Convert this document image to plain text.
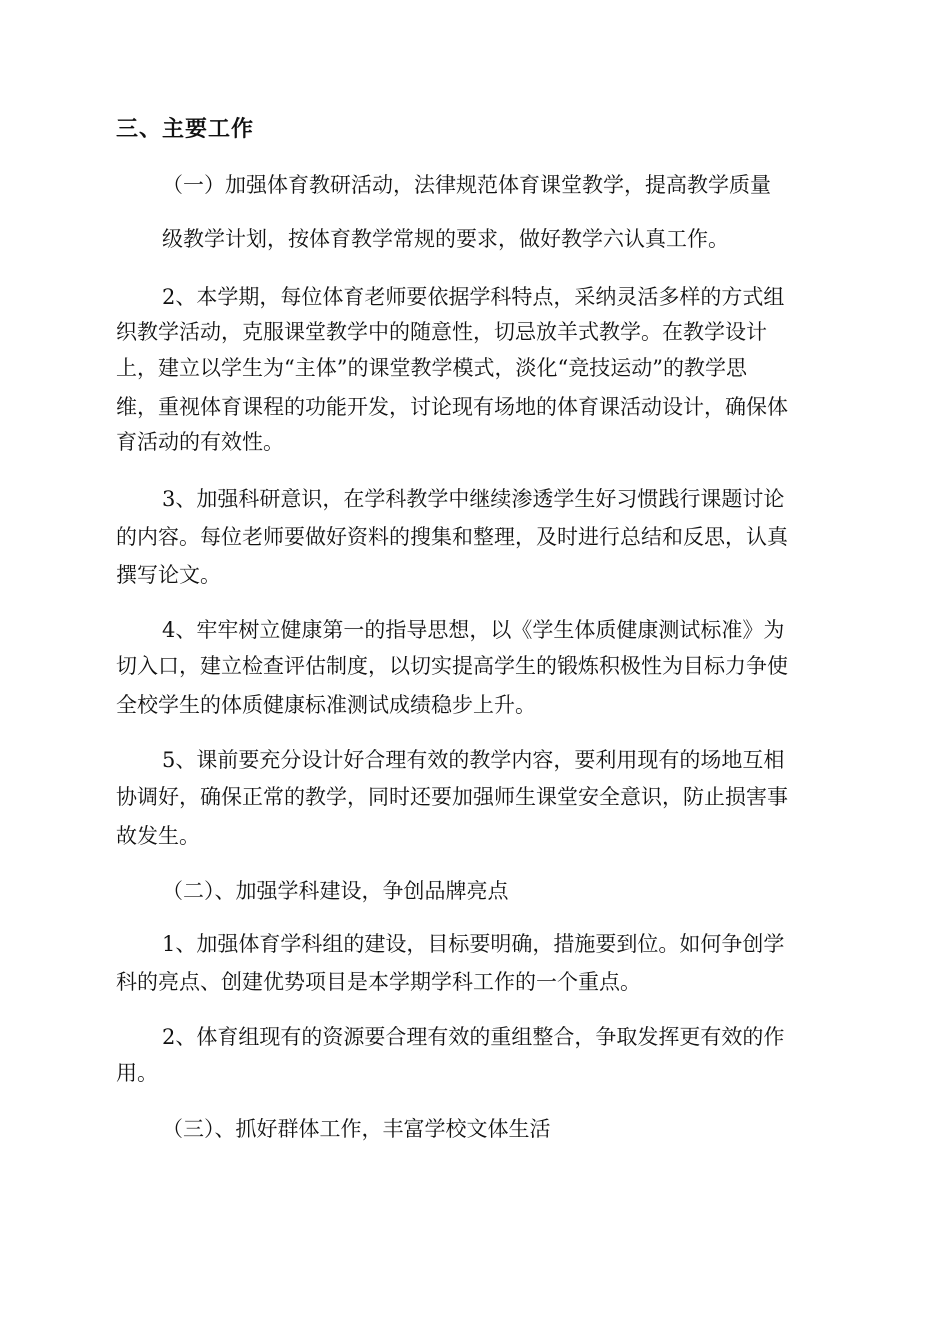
三、主要工作

（一）加强体育教研活动，法律规范体育课堂教学，提高教学质量

级教学计划，按体育教学常规的要求，做好教学六认真工作。

2、本学期，每位体育老师要依据学科特点，采纳灵活多样的方式组

织教学活动，克服课堂教学中的随意性，切忌放羊式教学。在教学设计

上，建立以学生为“主体”的课堂教学模式，淡化“竞技运动”的教学思

维，重视体育课程的功能开发，讨论现有场地的体育课活动设计，确保体

育活动的有效性。

3、加强科研意识，在学科教学中继续渗透学生好习惯践行课题讨论

的内容。每位老师要做好资料的搜集和整理，及时进行总结和反思，认真

撰写论文。

4、牢牢树立健康第一的指导思想，以《学生体质健康测试标准》为

切入口，建立检查评估制度，以切实提高学生的锻炼积极性为目标力争使

全校学生的体质健康标准测试成绩稳步上升。

5、课前要充分设计好合理有效的教学内容，要利用现有的场地互相

协调好，确保正常的教学，同时还要加强师生课堂安全意识，防止损害事

故发生。

（二）、加强学科建设，争创品牌亮点

1、加强体育学科组的建设，目标要明确，措施要到位。如何争创学

科的亮点、创建优势项目是本学期学科工作的一个重点。

2、体育组现有的资源要合理有效的重组整合，争取发挥更有效的作

用。

（三）、抓好群体工作，丰富学校文体生活
